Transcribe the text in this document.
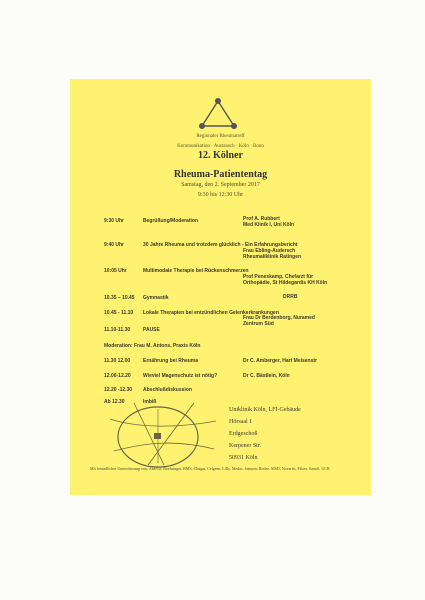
Regionaler Rheumatreff
Kommunikation · Austausch · Köln · Bonn
12. Kölner
Rheuma-Patiententag
Samstag, den 2. September 2017
9:30 bis 12:30 Uhr
9:30 Uhr	Begrüßung/Moderation	Prof A. Rubbert
Med Klinik I, Uni Köln
9:40 Uhr	30 Jahre Rheuma und trotzdem glücklich - Ein Erfahrungsbericht
Frau Ebling-Audersch
Rheumaliklinik Ratingen
10:05 Uhr	Multimodale Therapie bei Rückenschmerzen
Prof Peneskamp, Chefarzt für
Orthopädie, St Hildegardis KH Köln
10.35 – 10.45 Gymnastik	DRRB
10.45 - 11.10 Lokale Therapien bei entzündlichen Gelenkerkrankungen
Frau Dr Berdenborg, Nuramed
Zentrum Süd
11.10-11.30	PAUSE
Moderation: Frau M. Antons, Praxis Köln
11.30 12.00	Ernährung bei Rheuma	Dr C. Amberger, Hart Meisenstr
12.00-12.20 Wieviel Magenschutz ist nötig?	Dr C. Bästlein, Köln
12.20 -12.30 Abschlußdiskussion
Ab 12.30	Imbiß
Uniklinik Köln, LFI-Gebäude
Hörsaal 1
Erdgeschoß
Kerpener Str.
50931 Köln
Mit freundlicher Unterstützung von: AbbVie, Boehringer, BMS, Chugai, Celgene, Lilly, Medac, Janssen, Roche, MSD, Novartis, Pfizer, Sanofi, UCB
